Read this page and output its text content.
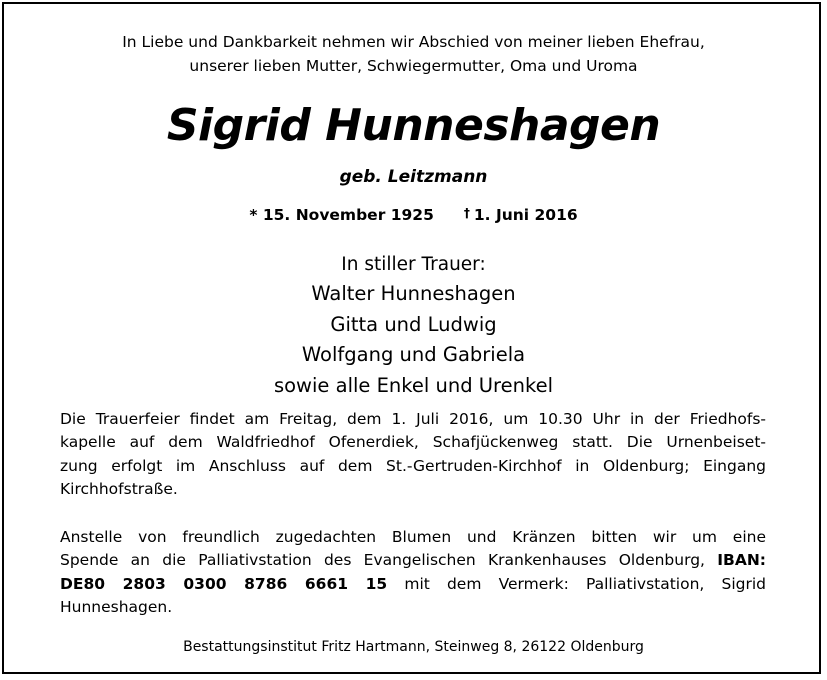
In Liebe und Dankbarkeit nehmen wir Abschied von meiner lieben Ehefrau,
unserer lieben Mutter, Schwiegermutter, Oma und Uroma
Sigrid Hunneshagen
geb. Leitzmann
* 15. November 1925	† 1. Juni 2016
In stiller Trauer:
Walter Hunneshagen
Gitta und Ludwig
Wolfgang und Gabriela
sowie alle Enkel und Urenkel
Die Trauerfeier findet am Freitag, dem 1. Juli 2016, um 10.30 Uhr in der Friedhofs-
kapelle auf dem Waldfriedhof Ofenerdiek, Schafjückenweg statt. Die Urnenbeiset-
zung erfolgt im Anschluss auf dem St.-Gertruden-Kirchhof in Oldenburg; Eingang
Kirchhofstraße.
Anstelle von freundlich zugedachten Blumen und Kränzen bitten wir um eine
Spende an die Palliativstation des Evangelischen Krankenhauses Oldenburg, IBAN:
DE80 2803 0300 8786 6661 15 mit dem Vermerk: Palliativstation, Sigrid
Hunneshagen.
Bestattungsinstitut Fritz Hartmann, Steinweg 8, 26122 Oldenburg
